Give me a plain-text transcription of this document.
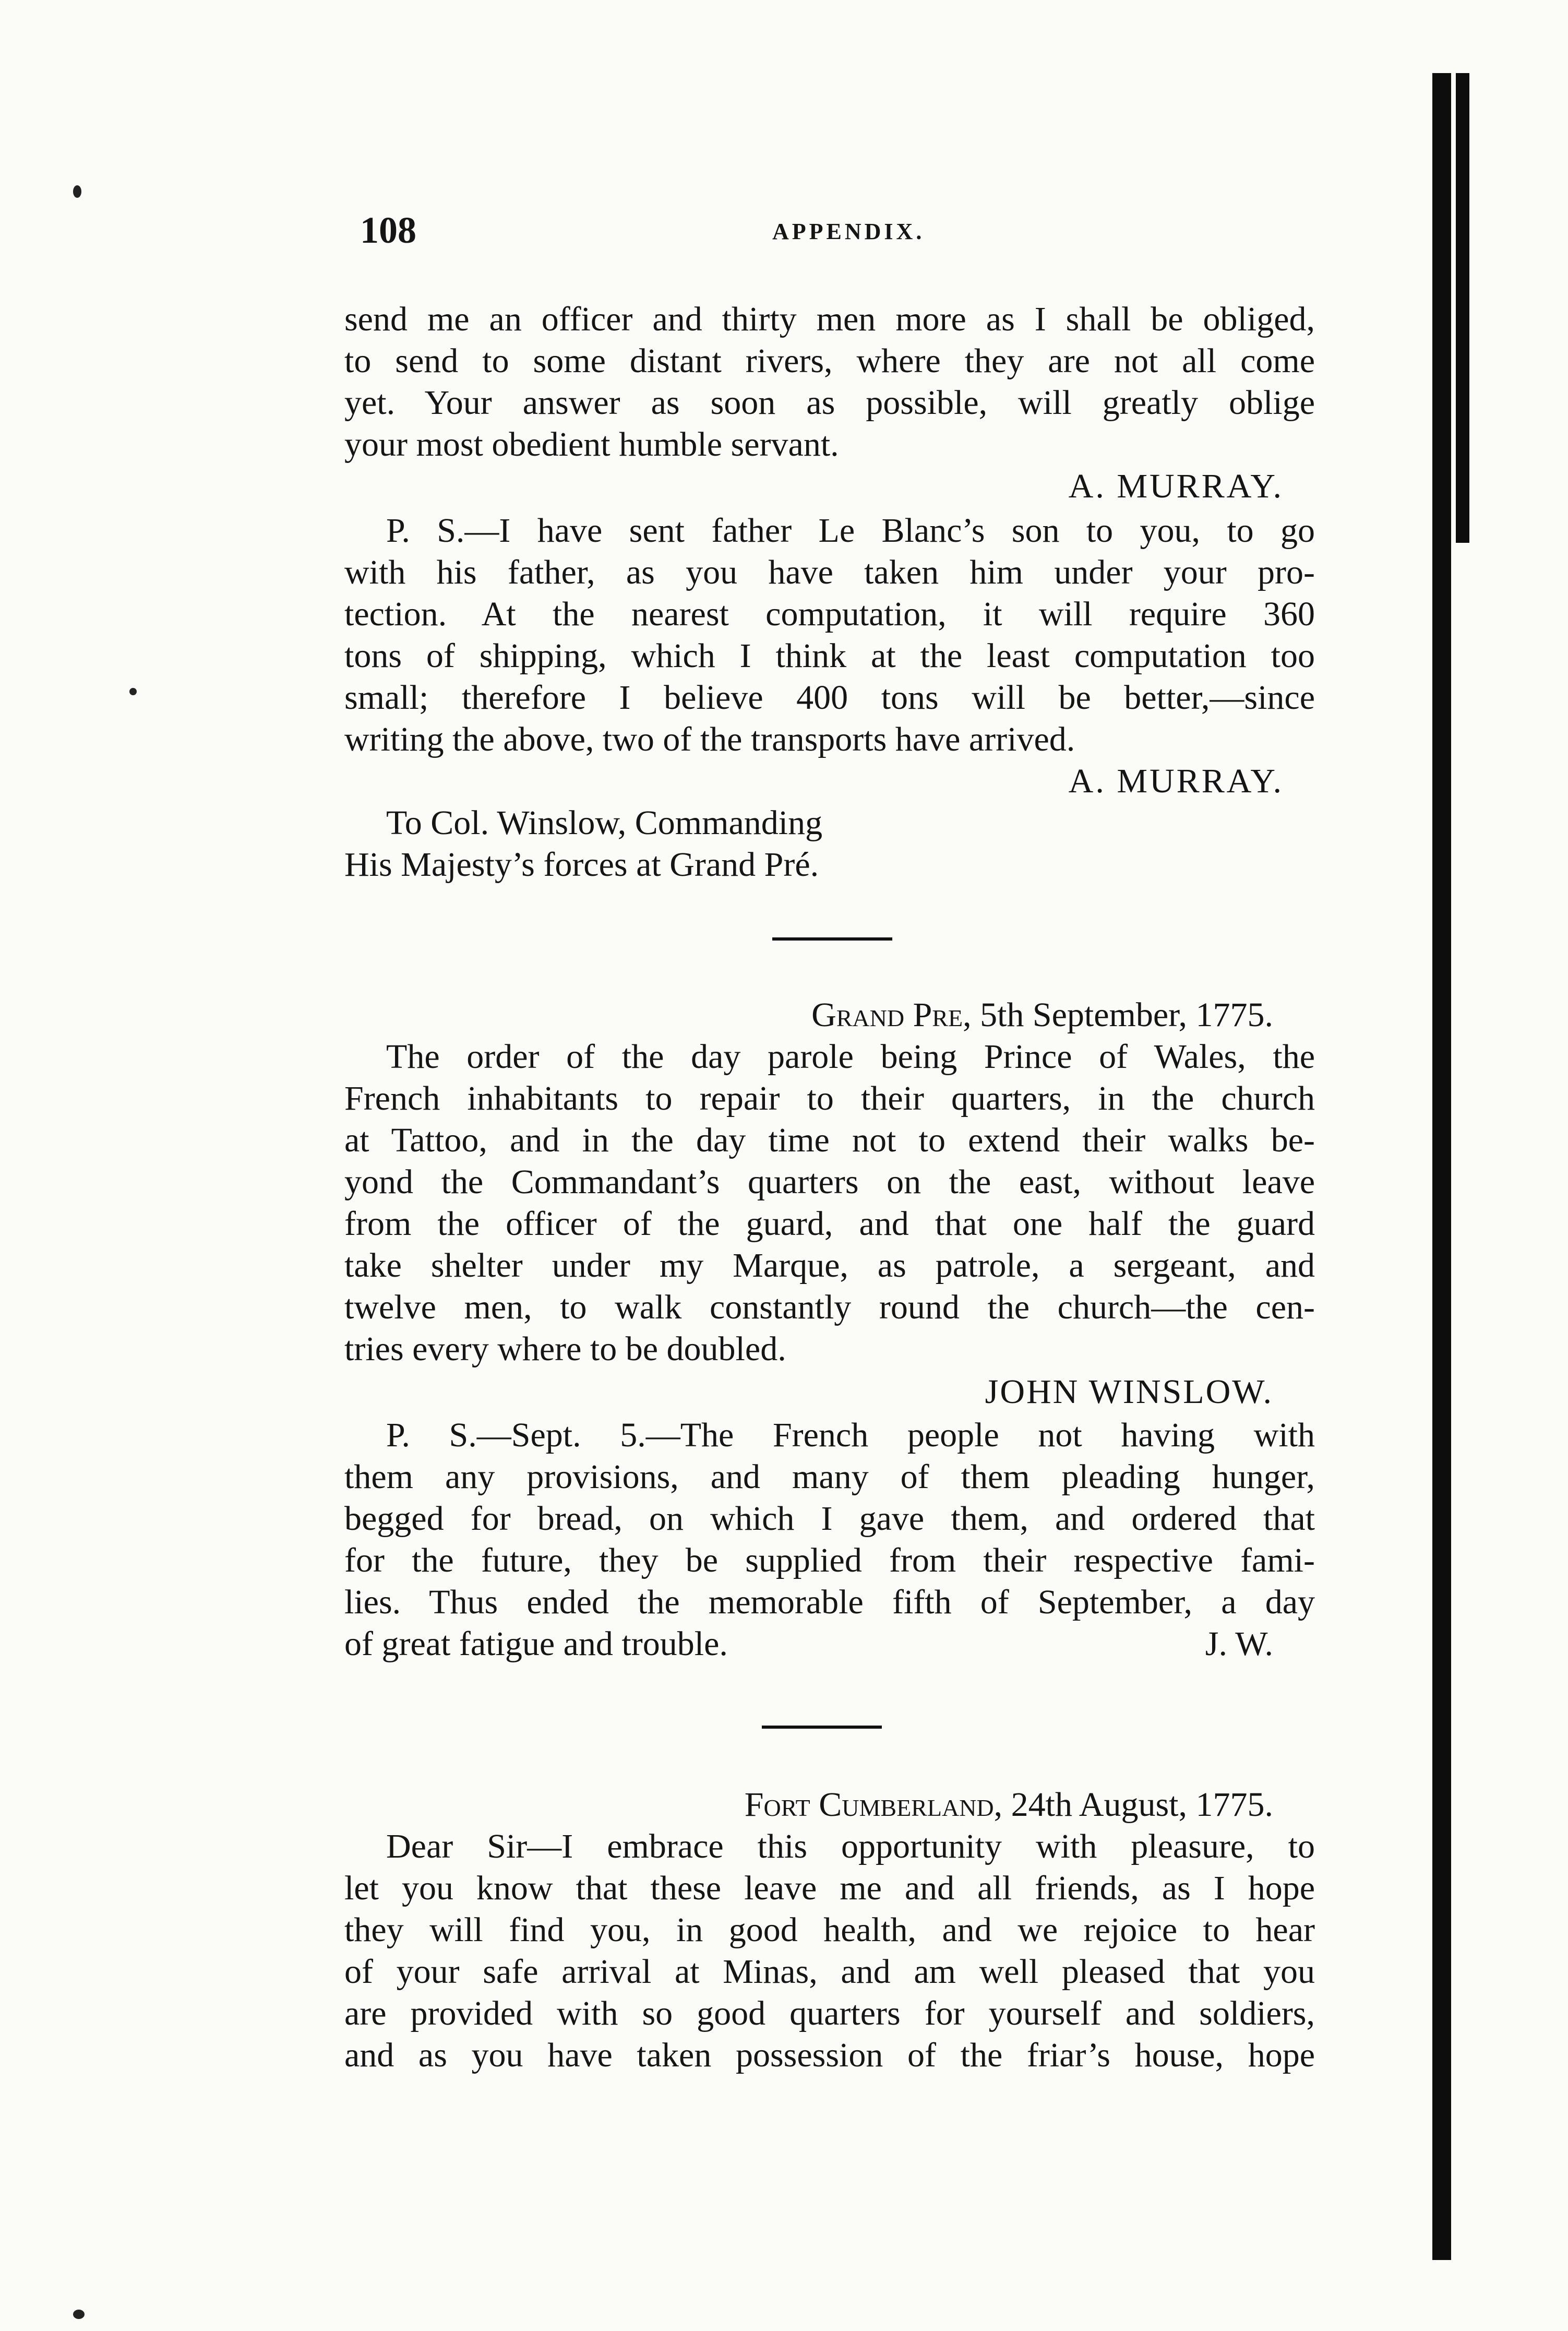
108	APPENDIX.
send me an officer and thirty men more as I shall be obliged,
to send to some distant rivers, where they are not all come
yet. Your answer as soon as possible, will greatly oblige
your most obedient humble servant.
A. MURRAY.
P. S.—I have sent father Le Blanc’s son to you, to go
with his father, as you have taken him under your pro-
tection. At the nearest computation, it will require 360
tons of shipping, which I think at the least computation too
small; therefore I believe 400 tons will be better,—since
writing the above, two of the transports have arrived.
A. MURRAY.
To Col. Winslow, Commanding
His Majesty’s forces at Grand Pré.
Grand Pre, 5th September, 1775.
The order of the day parole being Prince of Wales, the
French inhabitants to repair to their quarters, in the church
at Tattoo, and in the day time not to extend their walks be-
yond the Commandant’s quarters on the east, without leave
from the officer of the guard, and that one half the guard
take shelter under my Marque, as patrole, a sergeant, and
twelve men, to walk constantly round the church—the cen-
tries every where to be doubled.
JOHN WINSLOW.
P. S.—Sept. 5.—The French people not having with
them any provisions, and many of them pleading hunger,
begged for bread, on which I gave them, and ordered that
for the future, they be supplied from their respective fami-
lies. Thus ended the memorable fifth of September, a day
of great fatigue and trouble.	J. W.
Fort Cumberland, 24th August, 1775.
Dear Sir—I embrace this opportunity with pleasure, to
let you know that these leave me and all friends, as I hope
they will find you, in good health, and we rejoice to hear
of your safe arrival at Minas, and am well pleased that you
are provided with so good quarters for yourself and soldiers,
and as you have taken possession of the friar’s house, hope
